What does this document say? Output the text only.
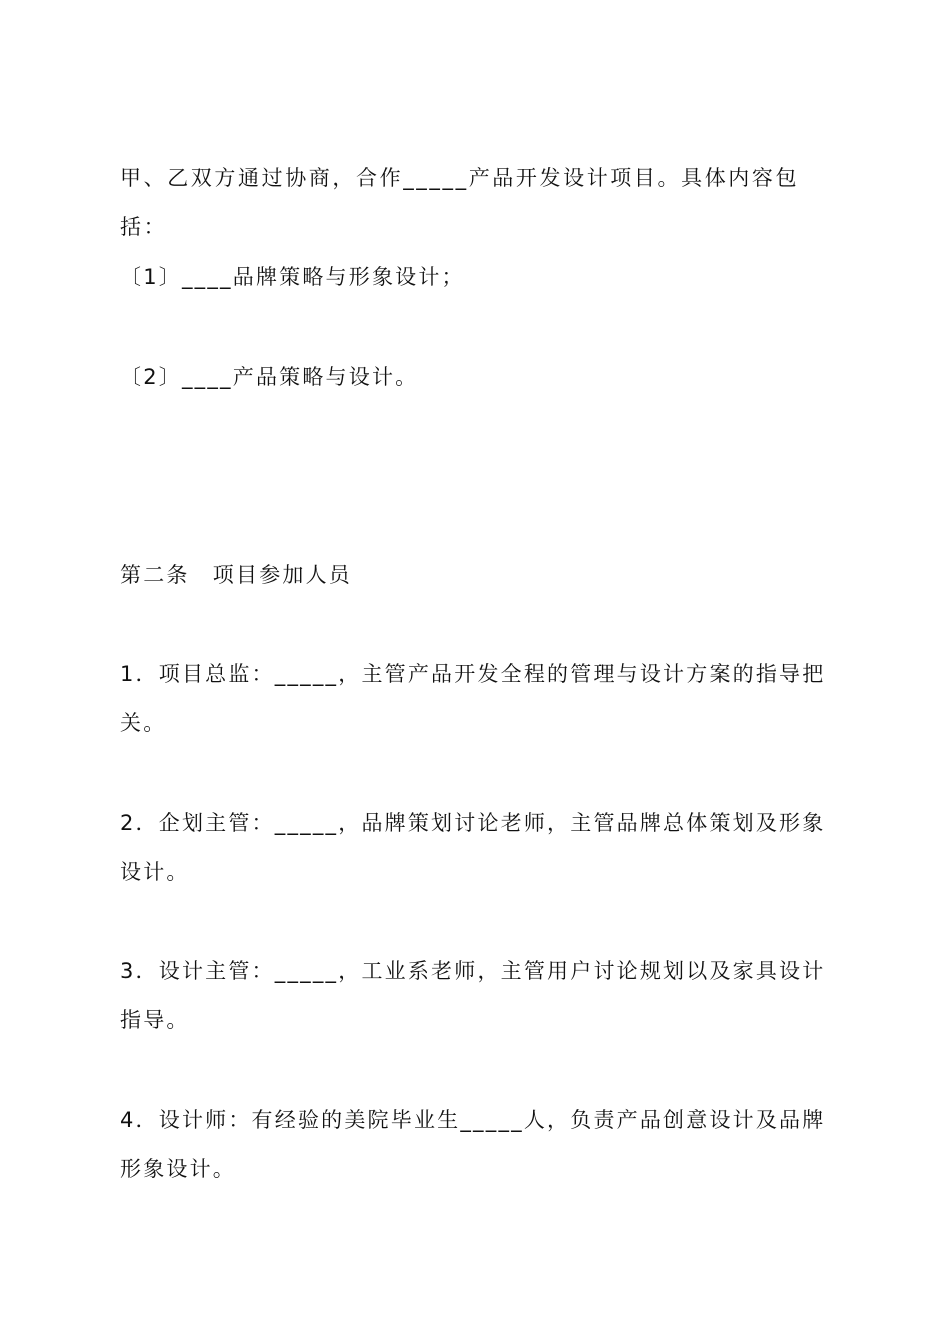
甲、乙双方通过协商，合作_____产品开发设计项目。具体内容包括：
〔1〕____品牌策略与形象设计；
〔2〕____产品策略与设计。
第二条　项目参加人员
1．项目总监：_____，主管产品开发全程的管理与设计方案的指导把关。
2．企划主管：_____，品牌策划讨论老师，主管品牌总体策划及形象设计。
3．设计主管：_____，工业系老师，主管用户讨论规划以及家具设计指导。
4．设计师：有经验的美院毕业生_____人，负责产品创意设计及品牌形象设计。
